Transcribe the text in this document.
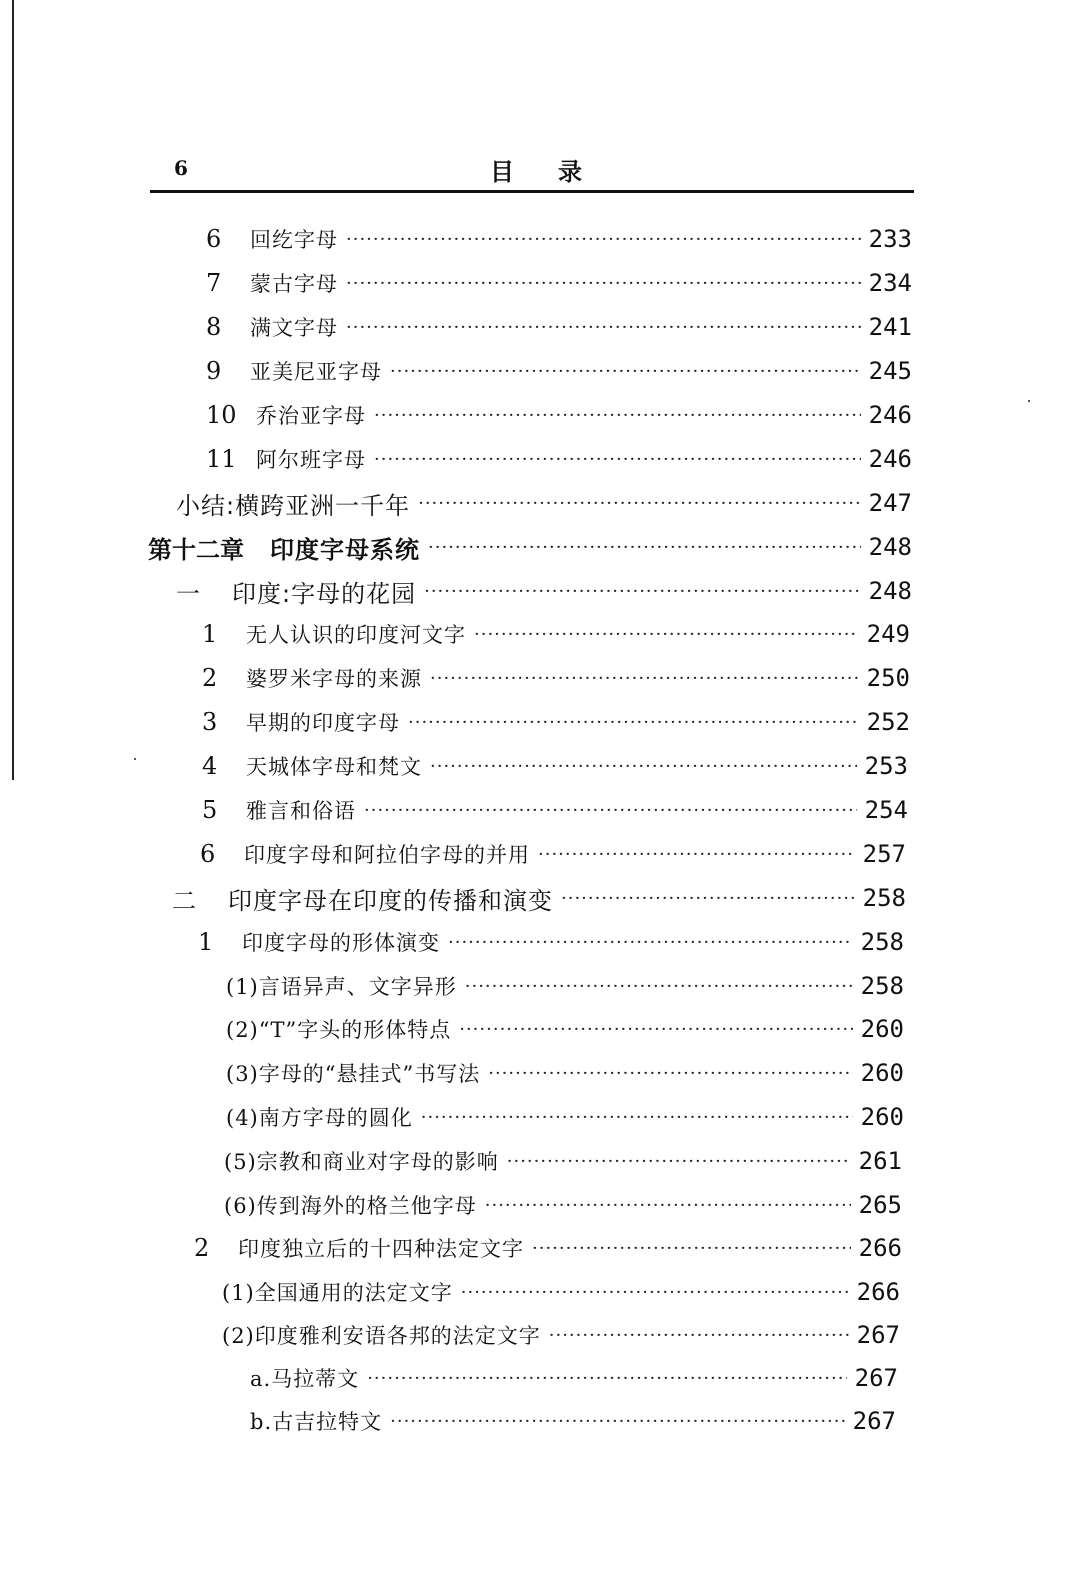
6	目录
6	回纥字母 ·····	233
7	蒙古字母 ·····	234
8	满文字母 ·····	241
9	亚美尼亚字母 ·····	245
10 乔治亚字母 ·····	246
11 阿尔班字母 ·····	246
小结:横跨亚洲一千年 ·····	247
第十二章 印度字母系统 ·····	248
一	印度:字母的花园 ·····	248
1	无人认识的印度河文字 ·····	249
2	婆罗米字母的来源 ·····	250
3	早期的印度字母 ·····	252
4	天城体字母和梵文 ·····	253
5	雅言和俗语 ·····	254
6	印度字母和阿拉伯字母的并用 ·····	257
二	印度字母在印度的传播和演变 ·····	258
1	印度字母的形体演变 ·····	258
(1)言语异声、文字异形 ·····	258
(2)“T”字头的形体特点 ·····	260
(3)字母的“悬挂式”书写法 ·····	260
(4)南方字母的圆化 ·····	260
(5)宗教和商业对字母的影响 ·····	261
(6)传到海外的格兰他字母 ·····	265
2	印度独立后的十四种法定文字 ·····	266
(1)全国通用的法定文字 ·····	266
(2)印度雅利安语各邦的法定文字 ·····	267
a.马拉蒂文 ·····	267
b.古吉拉特文 ·····	267
